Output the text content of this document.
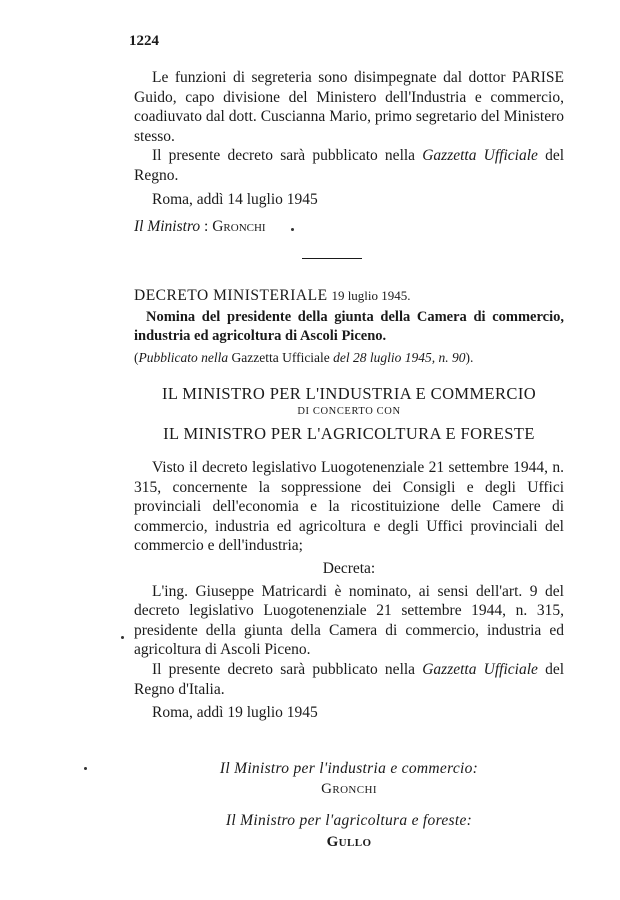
1224

Le funzioni di segreteria sono disimpegnate dal dottor PARISE Guido, capo divisione del Ministero dell'Industria e commercio, coadiuvato dal dott. Cuscianna Mario, primo segretario del Ministero stesso.

Il presente decreto sarà pubblicato nella Gazzetta Ufficiale del Regno.

Roma, addì 14 luglio 1945

Il Ministro : Gronchi

DECRETO MINISTERIALE 19 luglio 1945.

Nomina del presidente della giunta della Camera di commercio, industria ed agricoltura di Ascoli Piceno.

(Pubblicato nella Gazzetta Ufficiale del 28 luglio 1945, n. 90).

IL MINISTRO PER L'INDUSTRIA E COMMERCIO
DI CONCERTO CON
IL MINISTRO PER L'AGRICOLTURA E FORESTE

Visto il decreto legislativo Luogotenenziale 21 settembre 1944, n. 315, concernente la soppressione dei Consigli e degli Uffici provinciali dell'economia e la ricostituizione delle Camere di commercio, industria ed agricoltura e degli Uffici provinciali del commercio e dell'industria;

Decreta:

L'ing. Giuseppe Matricardi è nominato, ai sensi dell'art. 9 del decreto legislativo Luogotenenziale 21 settembre 1944, n. 315, presidente della giunta della Camera di commercio, industria ed agricoltura di Ascoli Piceno.

Il presente decreto sarà pubblicato nella Gazzetta Ufficiale del Regno d'Italia.

Roma, addì 19 luglio 1945

Il Ministro per l'industria e commercio:
Gronchi
Il Ministro per l'agricoltura e foreste:
Gullo
